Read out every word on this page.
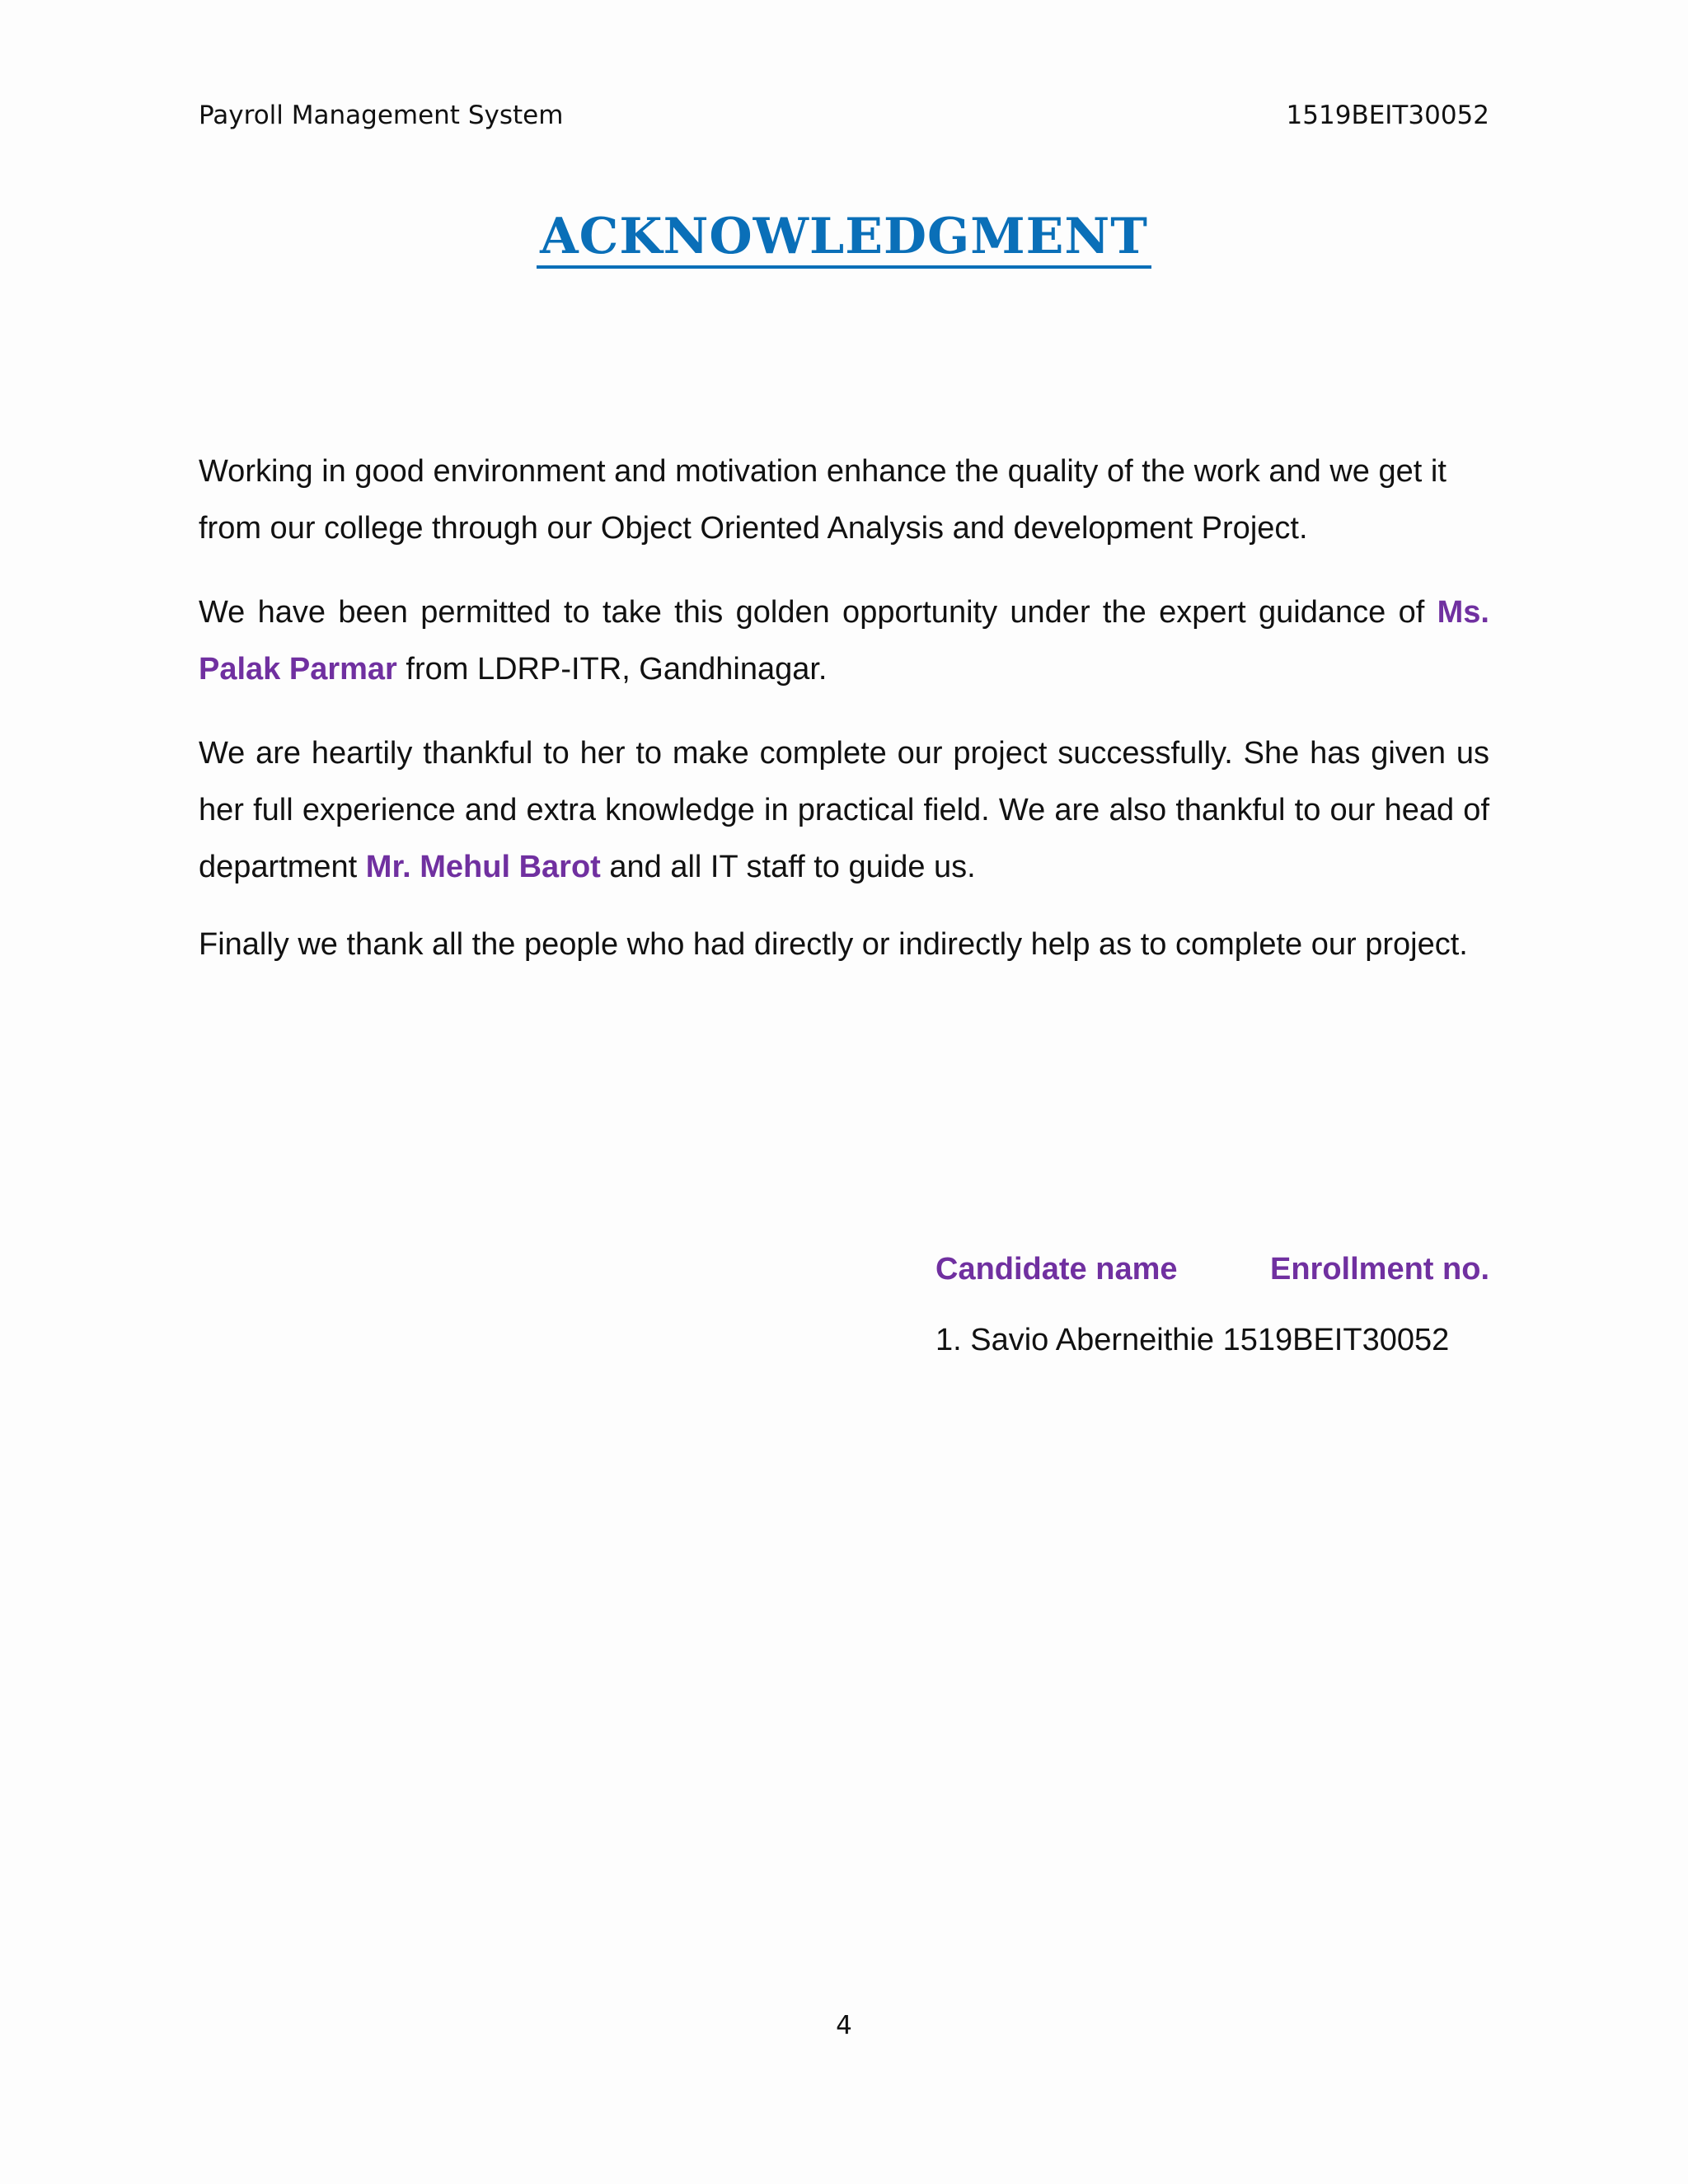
Payroll Management System	1519BEIT30052
ACKNOWLEDGMENT

Working in good environment and motivation enhance the quality of the work and we get it from our college through our Object Oriented Analysis and development Project.

We have been permitted to take this golden opportunity under the expert guidance of Ms. Palak Parmar from LDRP-ITR, Gandhinagar.

We are heartily thankful to her to make complete our project successfully. She has given us her full experience and extra knowledge in practical field. We are also thankful to our head of department Mr. Mehul Barot and all IT staff to guide us.

Finally we thank all the people who had directly or indirectly help as to complete our project.

Candidate name	Enrollment no.
1. Savio Aberneithie 1519BEIT30052
4
